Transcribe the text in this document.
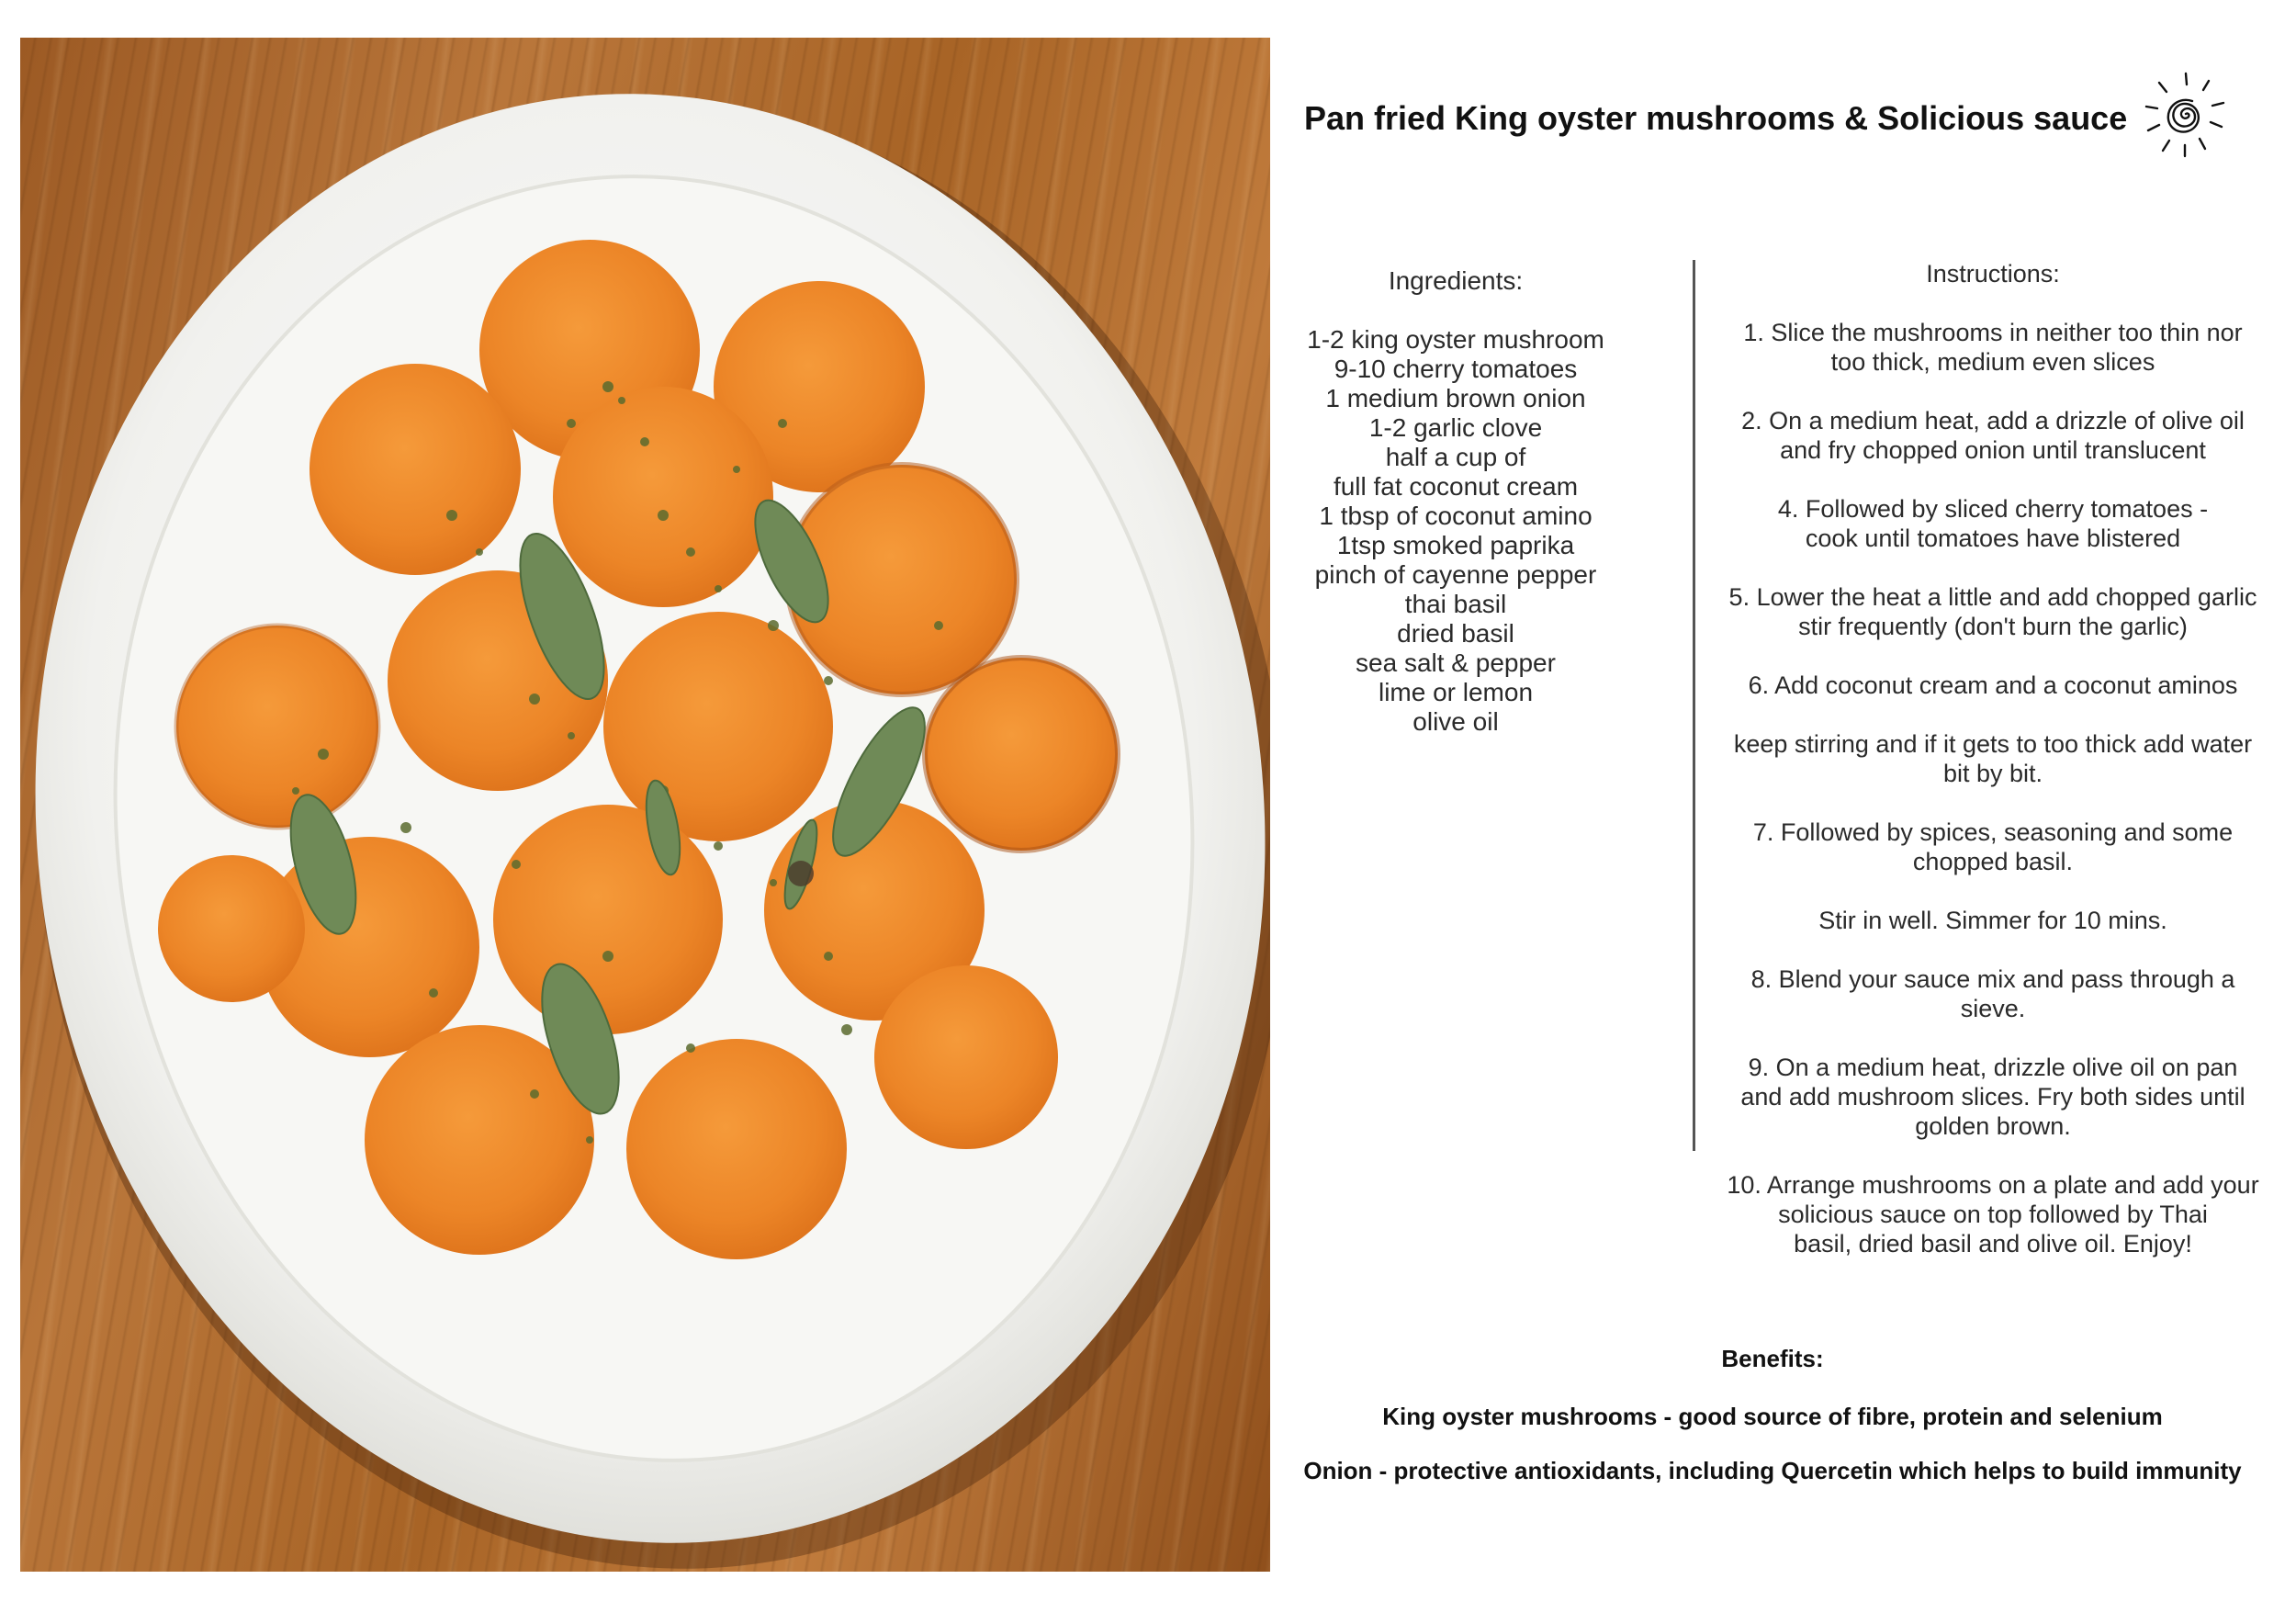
Pan fried King oyster mushrooms & Solicious sauce
Ingredients:
1-2 king oyster mushroom
9-10 cherry tomatoes
1 medium brown onion
1-2 garlic clove
half a cup of
full fat coconut cream
1 tbsp of coconut amino
1tsp smoked paprika
pinch of cayenne pepper
thai basil
dried basil
sea salt & pepper
lime or lemon
olive oil
Instructions:
1. Slice the mushrooms in neither too thin nor
too thick, medium even slices
2. On a medium heat, add a drizzle of olive oil
and fry chopped onion until translucent
4. Followed by sliced cherry tomatoes -
cook until tomatoes have blistered
5. Lower the heat a little and add chopped garlic
stir frequently (don't burn the garlic)
6. Add coconut cream and a coconut aminos
keep stirring and if it gets to too thick add water
bit by bit.
7. Followed by spices, seasoning and some
chopped basil.
Stir in well. Simmer for 10 mins.
8. Blend your sauce mix and pass through a
sieve.
9. On a medium heat, drizzle olive oil on pan
and add mushroom slices. Fry both sides until
golden brown.
10. Arrange mushrooms on a plate and add your
solicious sauce on top followed by Thai
basil, dried basil and olive oil. Enjoy!
Benefits:
King oyster mushrooms - good source of fibre, protein and selenium
Onion - protective antioxidants, including Quercetin which helps to build immunity
